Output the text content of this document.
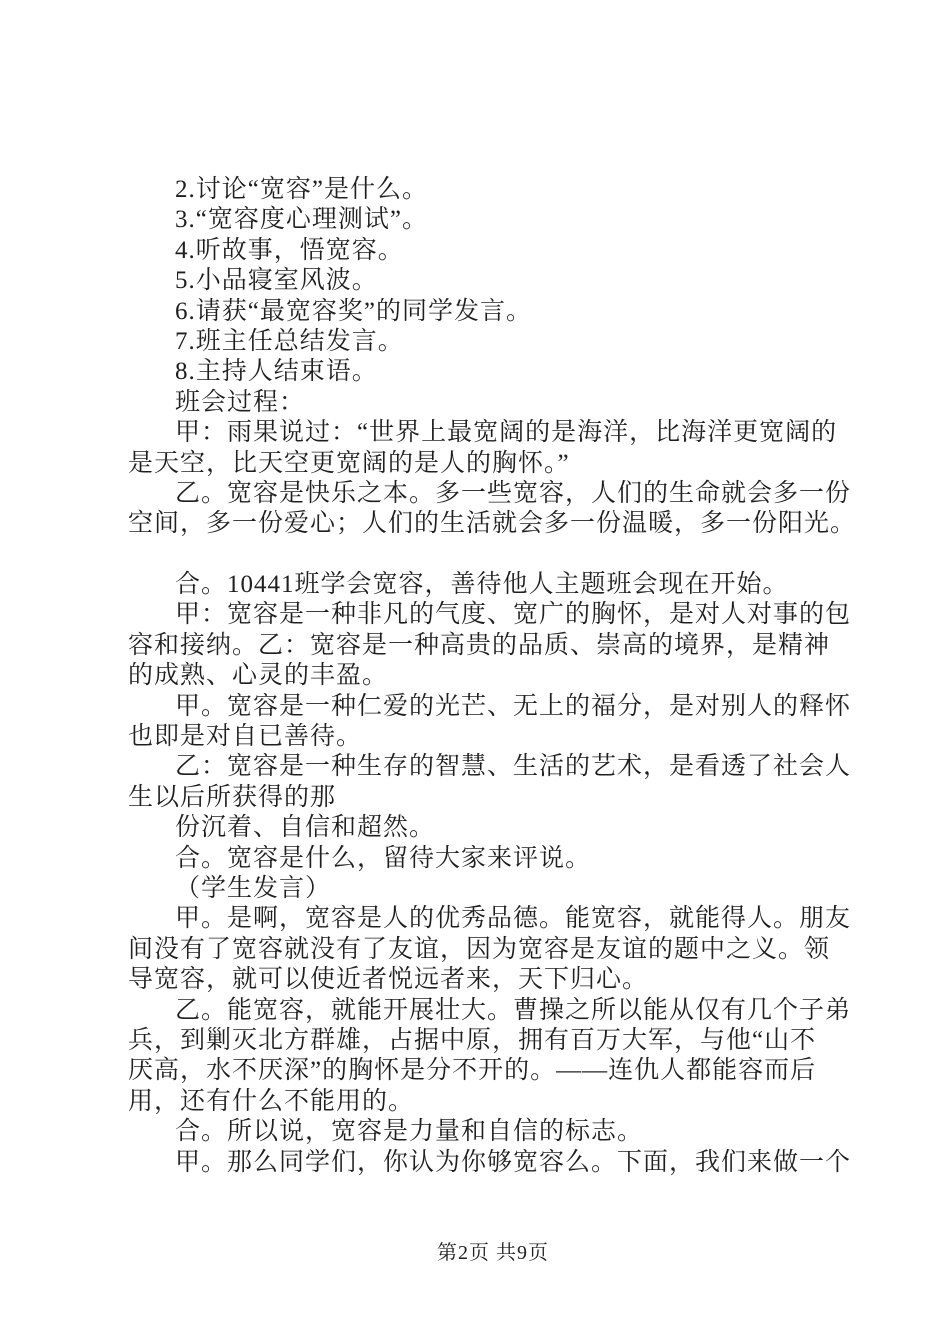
2.讨论“宽容”是什么。
3.“宽容度心理测试”。
4.听故事，悟宽容。
5.小品寝室风波。
6.请获“最宽容奖”的同学发言。
7.班主任总结发言。
8.主持人结束语。
班会过程：
甲：雨果说过：“世界上最宽阔的是海洋，比海洋更宽阔的
是天空，比天空更宽阔的是人的胸怀。”
乙。宽容是快乐之本。多一些宽容，人们的生命就会多一份
空间，多一份爱心；人们的生活就会多一份温暖，多一份阳光。
合。10441班学会宽容，善待他人主题班会现在开始。
甲：宽容是一种非凡的气度、宽广的胸怀，是对人对事的包
容和接纳。乙：宽容是一种高贵的品质、崇高的境界，是精神
的成熟、心灵的丰盈。
甲。宽容是一种仁爱的光芒、无上的福分，是对别人的释怀
也即是对自已善待。
乙：宽容是一种生存的智慧、生活的艺术，是看透了社会人
生以后所获得的那
份沉着、自信和超然。
合。宽容是什么，留待大家来评说。
（学生发言）
甲。是啊，宽容是人的优秀品德。能宽容，就能得人。朋友
间没有了宽容就没有了友谊，因为宽容是友谊的题中之义。领
导宽容，就可以使近者悦远者来，天下归心。
乙。能宽容，就能开展壮大。曹操之所以能从仅有几个子弟
兵，到剿灭北方群雄，占据中原，拥有百万大军，与他“山不
厌高，水不厌深”的胸怀是分不开的。——连仇人都能容而后
用，还有什么不能用的。
合。所以说，宽容是力量和自信的标志。
甲。那么同学们，你认为你够宽容么。下面，我们来做一个
第2页 共9页
